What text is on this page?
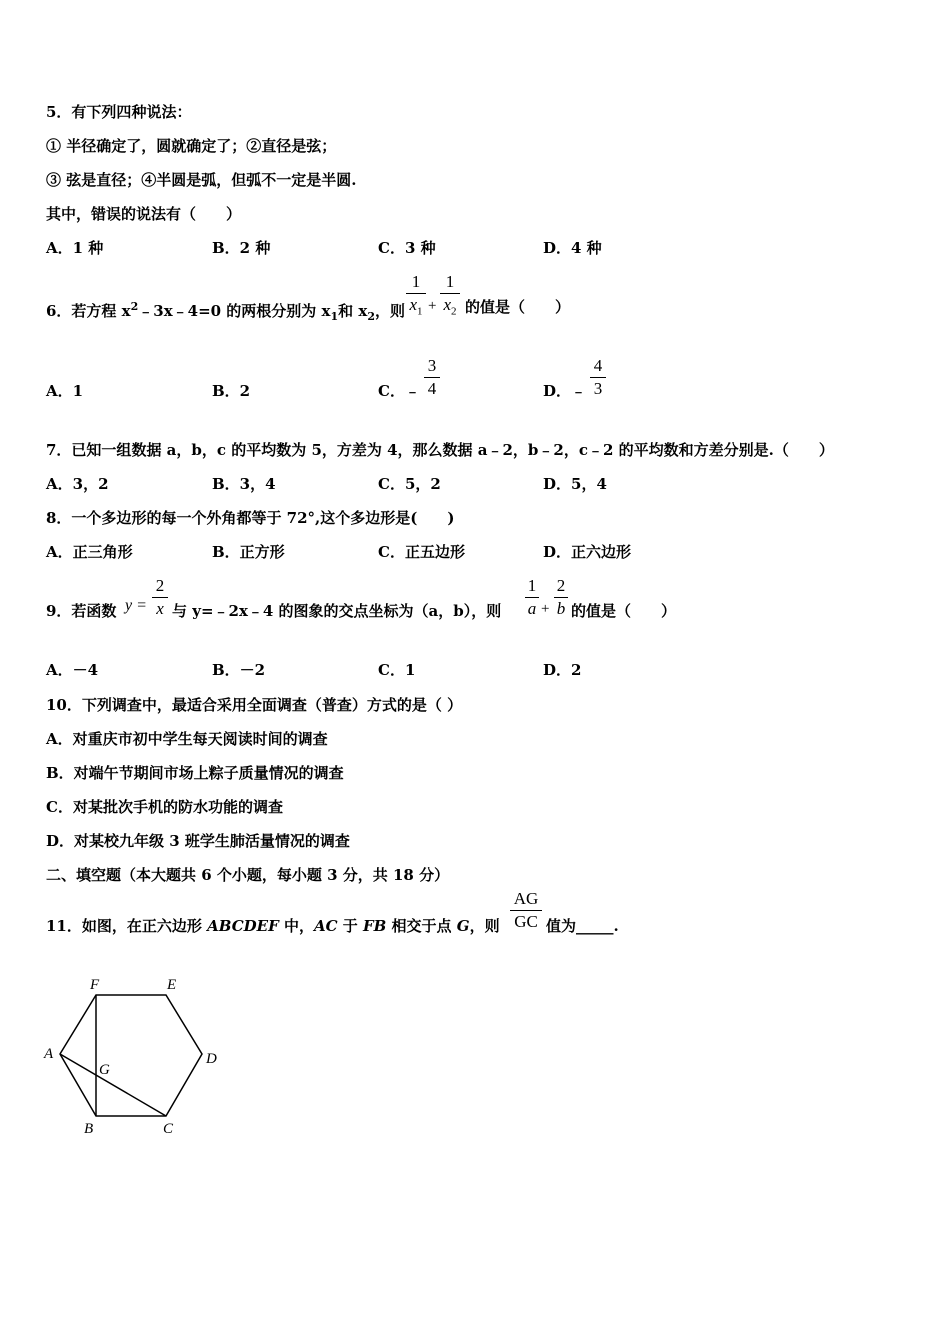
5．有下列四种说法：
① 半径确定了，圆就确定了；②直径是弦；
③ 弦是直径；④半圆是弧，但弧不一定是半圆.
其中，错误的说法有（　　）
A．1 种	B．2 种	C．3 种	D．4 种
6．若方程 $x^2﹣3x﹣4=0$ 的两根分别为 $x_1$和 $x_2$，则
1
$x_1$ +
1
$x_2$ 的值是（　　）
A．1	B．2	C．﹣
3
4	D．﹣
4
3
7．已知一组数据 a，b，c 的平均数为 5，方差为 4，那么数据 a﹣2，b﹣2，c﹣2 的平均数和方差分别是.（　　）
A．3，2	B．3，4	C．5，2	D．5，4
8．一个多边形的每一个外角都等于 72°,这个多边形是(　　)
A．正三角形	B．正方形	C．正五边形	D．正六边形
9．若函数 y =
2
x 与 y=﹣2x﹣4 的图象的交点坐标为（a，b），则
1
a +
2
b 的值是（　　）
A．－4	B．－2	C．1	D．2
10．下列调查中，最适合采用全面调查（普查）方式的是（ ）
A．对重庆市初中学生每天阅读时间的调查
B．对端午节期间市场上粽子质量情况的调查
C．对某批次手机的防水功能的调查
D．对某校九年级 3 班学生肺活量情况的调查
二、填空题（本大题共 6 个小题，每小题 3 分，共 18 分）
11．如图，在正六边形 ABCDEF 中，AC 于 FB 相交于点 G，则
AG
GC 值为_____.
F	E
A	D
G
B	C
